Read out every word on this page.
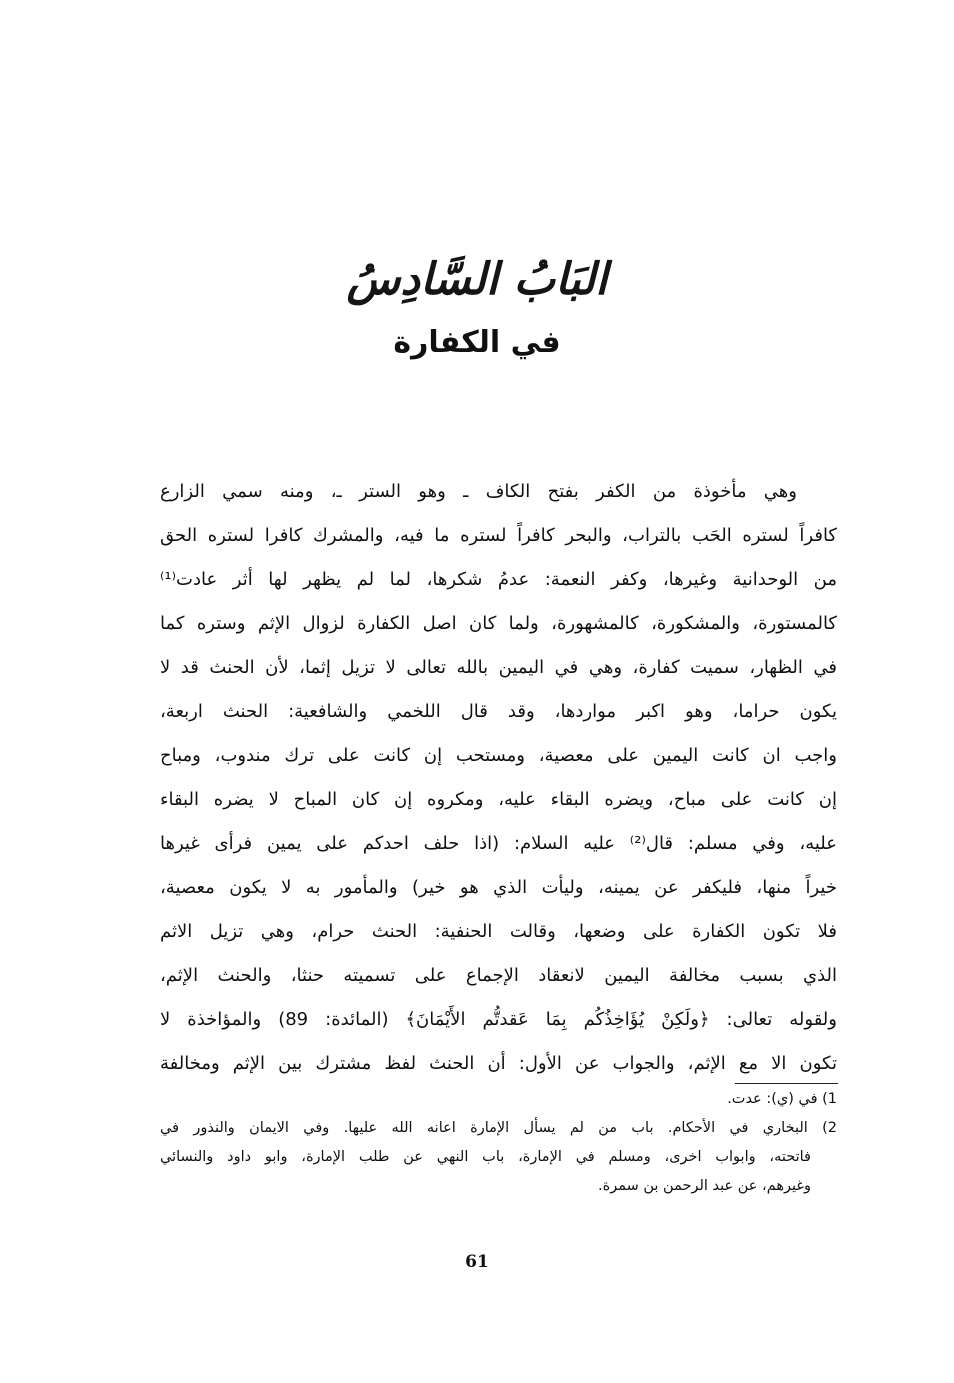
البَابُ السَّادِسُ
في الكفارة
وهي مأخوذة من الكفر بفتح الكاف ـ وهو الستر ـ، ومنه سمي الزارع
كافراً لستره الحَب بالتراب، والبحر كافراً لستره ما فيه، والمشرك كافرا لستره الحق
من الوحدانية وغيرها، وكفر النعمة: عدمُ شكرها، لما لم يظهر لها أثر عادت⁽¹⁾
كالمستورة، والمشكورة، كالمشهورة، ولما كان اصل الكفارة لزوال الإثم وستره كما
في الظهار، سميت كفارة، وهي في اليمين بالله تعالى لا تزيل إثما، لأن الحنث قد لا
يكون حراما، وهو اكبر مواردها، وقد قال اللخمي والشافعية: الحنث اربعة،
واجب ان كانت اليمين على معصية، ومستحب إن كانت على ترك مندوب، ومباح
إن كانت على مباح، ويضره البقاء عليه، ومكروه إن كان المباح لا يضره البقاء
عليه، وفي مسلم: قال⁽²⁾ عليه السلام: (اذا حلف احدكم على يمين فرأى غيرها
خيراً منها، فليكفر عن يمينه، وليأت الذي هو خير) والمأمور به لا يكون معصية،
فلا تكون الكفارة على وضعها، وقالت الحنفية: الحنث حرام، وهي تزيل الاثم
الذي بسبب مخالفة اليمين لانعقاد الإجماع على تسميته حنثا، والحنث الإثم،
ولقوله تعالى: ﴿ولَكِنْ يُؤَاخِذُكُم بِمَا عَقدتُّم الأَيْمَانَ﴾ (المائدة: 89) والمؤاخذة لا
تكون الا مع الإثم، والجواب عن الأول: أن الحنث لفظ مشترك بين الإثم ومخالفة
1) في (ي): عدت.
2) البخاري في الأحكام. باب من لم يسأل الإمارة اعانه الله عليها. وفي الايمان والنذور في
فاتحته، وابواب اخرى، ومسلم في الإمارة، باب النهي عن طلب الإمارة، وابو داود والنسائي
وغيرهم، عن عبد الرحمن بن سمرة.
61
